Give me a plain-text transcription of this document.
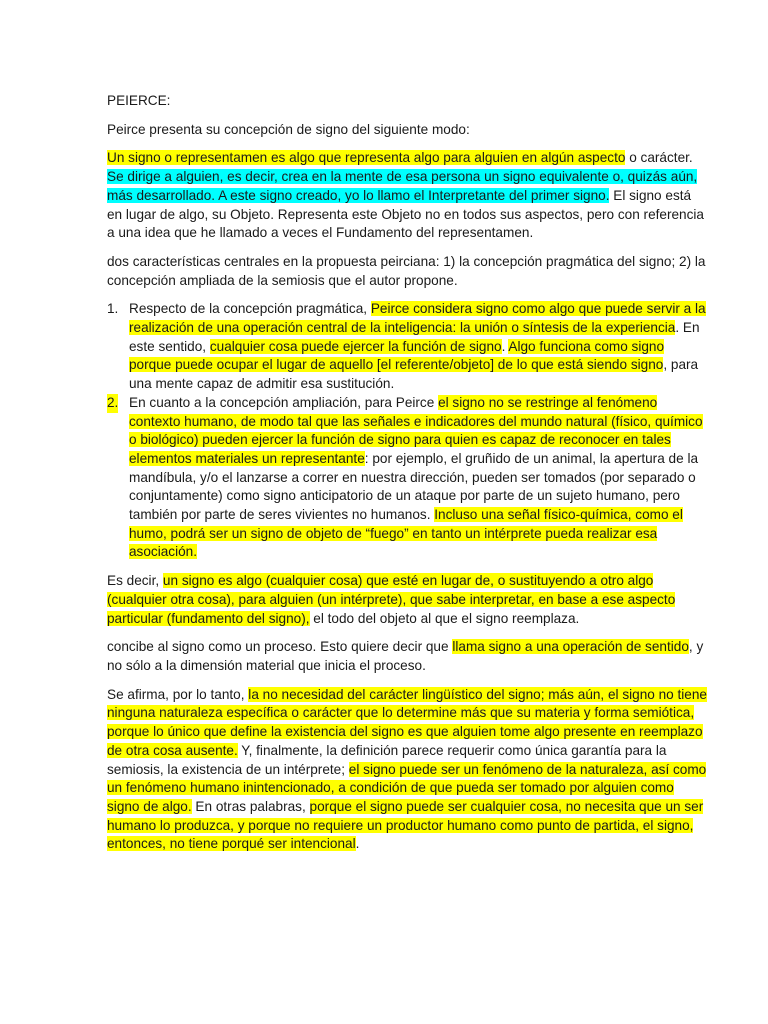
PEIERCE:

Peirce presenta su concepción de signo del siguiente modo:

Un signo o representamen es algo que representa algo para alguien en algún aspecto o carácter. Se dirige a alguien, es decir, crea en la mente de esa persona un signo equivalente o, quizás aún, más desarrollado. A este signo creado, yo lo llamo el Interpretante del primer signo. El signo está en lugar de algo, su Objeto. Representa este Objeto no en todos sus aspectos, pero con referencia a una idea que he llamado a veces el Fundamento del representamen.

dos características centrales en la propuesta peirciana: 1) la concepción pragmática del signo; 2) la concepción ampliada de la semiosis que el autor propone.

1. Respecto de la concepción pragmática, Peirce considera signo como algo que puede servir a la realización de una operación central de la inteligencia: la unión o síntesis de la experiencia. En este sentido, cualquier cosa puede ejercer la función de signo. Algo funciona como signo porque puede ocupar el lugar de aquello [el referente/objeto] de lo que está siendo signo, para una mente capaz de admitir esa sustitución.
2. En cuanto a la concepción ampliación, para Peirce el signo no se restringe al fenómeno contexto humano, de modo tal que las señales e indicadores del mundo natural (físico, químico o biológico) pueden ejercer la función de signo para quien es capaz de reconocer en tales elementos materiales un representante: por ejemplo, el gruñido de un animal, la apertura de la mandíbula, y/o el lanzarse a correr en nuestra dirección, pueden ser tomados (por separado o conjuntamente) como signo anticipatorio de un ataque por parte de un sujeto humano, pero también por parte de seres vivientes no humanos. Incluso una señal físico-química, como el humo, podrá ser un signo de objeto de “fuego” en tanto un intérprete pueda realizar esa asociación.

Es decir, un signo es algo (cualquier cosa) que esté en lugar de, o sustituyendo a otro algo (cualquier otra cosa), para alguien (un intérprete), que sabe interpretar, en base a ese aspecto particular (fundamento del signo), el todo del objeto al que el signo reemplaza.

concibe al signo como un proceso. Esto quiere decir que llama signo a una operación de sentido, y no sólo a la dimensión material que inicia el proceso.

Se afirma, por lo tanto, la no necesidad del carácter lingüístico del signo; más aún, el signo no tiene ninguna naturaleza específica o carácter que lo determine más que su materia y forma semiótica, porque lo único que define la existencia del signo es que alguien tome algo presente en reemplazo de otra cosa ausente. Y, finalmente, la definición parece requerir como única garantía para la semiosis, la existencia de un intérprete; el signo puede ser un fenómeno de la naturaleza, así como un fenómeno humano inintencionado, a condición de que pueda ser tomado por alguien como signo de algo. En otras palabras, porque el signo puede ser cualquier cosa, no necesita que un ser humano lo produzca, y porque no requiere un productor humano como punto de partida, el signo, entonces, no tiene porqué ser intencional.
